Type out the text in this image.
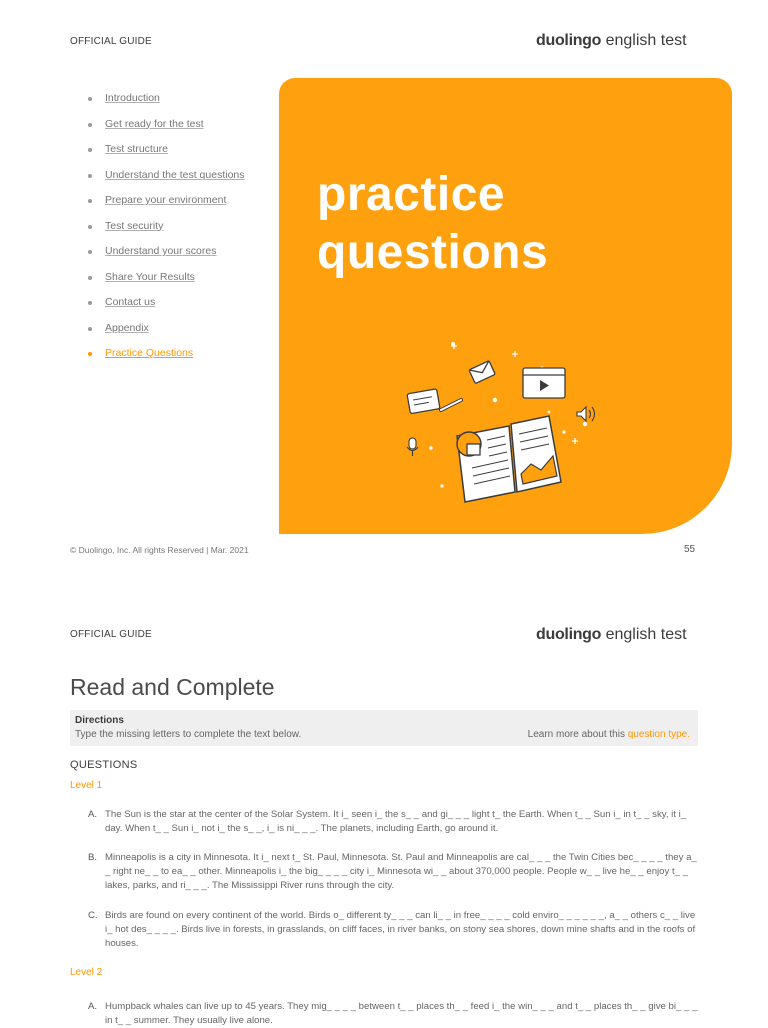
OFFICIAL GUIDE	duolingo english test
Introduction
Get ready for the test
Test structure
Understand the test questions
Prepare your environment
Test security
Understand your scores
Share Your Results
Contact us
Appendix
Practice Questions
practice
questions
© Duolingo, Inc. All rights Reserved | Mar. 2021	55
OFFICIAL GUIDE	duolingo english test
Read and Complete
Directions
Type the missing letters to complete the text below.	Learn more about this question type.
QUESTIONS
Level 1
A. The Sun is the star at the center of the Solar System. It i_ seen i_ the s_ _ and gi_ _ _ light t_ the Earth. When t_ _ Sun i_ in t_ _ sky, it i_ day. When t_ _ Sun i_ not i_ the s_ _, i_ is ni_ _ _. The planets, including Earth, go around it.
B. Minneapolis is a city in Minnesota. It i_ next t_ St. Paul, Minnesota. St. Paul and Minneapolis are cal_ _ _ the Twin Cities bec_ _ _ _ they a_ _ right ne_ _ to ea_ _ other. Minneapolis i_ the big_ _ _ _ city i_ Minnesota wi_ _ about 370,000 people. People w_ _ live he_ _ enjoy t_ _ lakes, parks, and ri_ _ _. The Mississippi River runs through the city.
C. Birds are found on every continent of the world. Birds o_ different ty_ _ _ can li_ _ in free_ _ _ _ cold enviro_ _ _ _ _ _, a_ _ others c_ _ live i_ hot des_ _ _ _. Birds live in forests, in grasslands, on cliff faces, in river banks, on stony sea shores, down mine shafts and in the roofs of houses.
Level 2
A. Humpback whales can live up to 45 years. They mig_ _ _ _ between t_ _ places th_ _ feed i_ the win_ _ _ and t_ _ places th_ _ give bi_ _ _ in t_ _ summer. They usually live alone.
